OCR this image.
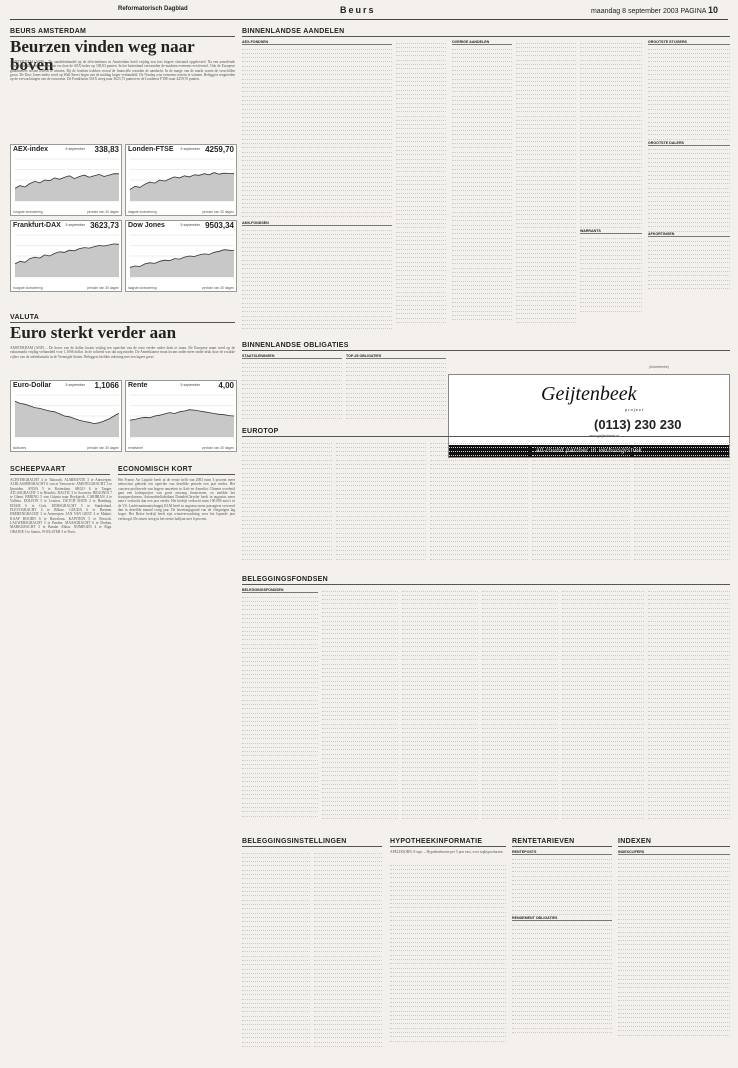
Reformatorisch Dagblad	Beurs	maandag 8 september 2003 PAGINA 10
BEURS AMSTERDAM
Beurzen vinden weg naar boven
AMSTERDAM (ANP) – De aandelenhandel op de effectenbeurs in Amsterdam heeft vrijdag een fors hogere slotstand opgeleverd. Na een aarzelende opening trokken de koersen aan en sloot de AEX-index op 338,83 punten. In het buitenland vertoonden de markten eveneens een herstel. Ook de Europese graadmeters wisten terrein te winnen. Bij de fondsen trokken vooral de financiële waarden de aandacht. In de marge van de markt waren de verschillen groot. De Dow Jones-index werd op Wall Street begin van de middag hoger verhandeld. De Nasdaq wist eveneens terrein te winnen. Beleggers reageerden op de verwachtingen van de economie. De Frankfurter DAX steeg naar 3623,73 punten en de Londense FTSE naar 4259,70 punten.
AEX-index	5 september 338,83
hoogste slotnotering	periode van 30 dagen
Londen-FTSE 5 september 4259,70
laagste slotnotering	periode van 30 dagen
Frankfurt-DAX 5 september 3623,73
hoogste slotnotering	periode van 30 dagen
Dow Jones	5 september 9503,34
laagste slotnotering	periode van 30 dagen
VALUTA
Euro sterkt verder aan
AMSTERDAM (ANP) – De koers van de dollar kwam vrijdag ten opzichte van de euro verder onder druk te staan. De Europese munt werd op de valutamarkt vrijdag verhandeld voor 1,1066 dollar. In de ochtend was dat nog minder. De Amerikaanse munt kwam onder meer onder druk door de zwakke cijfers van de arbeidsmarkt in de Verenigde Staten. Beleggers hielden rekening met een lagere groei.
Euro-Dollar	5 september 1,1066
slotkoers	periode van 30 dagen
Rente	5 september 4,00
rentetarief	periode van 30 dagen
SCHEEPVAART
ACHTERGRACHT 4 te Takoradi. ALMIRANTE 3 te Antwerpen. ALBLASSERGRACHT 6 van te Vancouver. AMSTELGRACHT 3 te Ijmuiden. ANNA 5 te Rotterdam. ARGO 6 te Tanger. ATLASGRACHT 5 te Brindisi. BALTIC 3 te Szczecin. BEGONIA 7 te Ghent. BERING 5 van Gdynia naar Reykjavik. CARIBIAN 4 te Valletta. DOLFIJN 5 te Leixoes. DUTCH MATE 2 te Hamburg. EDAM 6 te Cork. EEMSGRACHT 5 te Sunderland. FLEVOGRACHT 4 te Bilbao. GOUDA 6 te Bremen. HEERENGRACHT 3 te Antwerpen. JAN VAN GENT 4 te Malmö. KAAP HOORN 6 te Barcelona. KAPITEIN 5 te Rostock. LAUWERSGRACHT 5 te Emden. MAASGRACHT 6 te Durban. MARKGRACHT 5 te Bandar Abbas. NIJMEGEN 4 te Riga. ORANJE 3 te Santos. POOLSTER 5 te Porto.
ECONOMISCH KORT
Het Franse Air Liquide heeft in de eerste helft van 2003 ruim 3 procent meer nettowinst geboekt ten opzichte van dezelfde periode een jaar eerder. Het concern profiteerde van hogere omzetten in Azië en Amerika. Chinese overheid gaat een kolenproject van grote omvang financieren, zo meldde het staatspersbureau. Automobielfabrikant DaimlerChrysler heeft in augustus meer auto's verkocht dan een jaar eerder. Het bedrijf verkocht ruim 100.000 auto's in de VS. Luchtvaartmaatschappij KLM heeft in augustus meer passagiers vervoerd dan in dezelfde maand vorig jaar. De bezettingsgraad van de vliegtuigen lag hoger. Het Britse bedrijf heeft zijn winstverwachting voor het lopende jaar verhoogd. De omzet steeg in het eerste halfjaar met 6 procent.
BINNENLANDSE AANDELEN
AEX-FONDSEN
AMX-FONDSEN
OVERIGE AANDELEN
WARRANTS
GROOTSTE STIJGERS
GROOTSTE DALERS
AFKORTINGEN
BINNENLANDSE OBLIGATIES
STAATSLENINGEN	TOP-25 OBLIGATIES
(Advertentie)
Geijtenbeek
project
(0113) 230 230
www.geijtenbeek.nl
all-round partner in verhuisgistiek
EUROTOP
BELEGGINGSFONDSEN
BELEGGINGSFONDSEN
BELEGGINGSINSTELLINGEN	HYPOTHEEKINFORMATIE
APELDOORN, 8 sept. – Hypotheekrente per 5 jaar vast, voor topbyproducten.
RENTETARIEVEN
RENTEPOSTS
RENDEMENT OBLIGATIES
INDEXEN
INDEXCIJFERS
